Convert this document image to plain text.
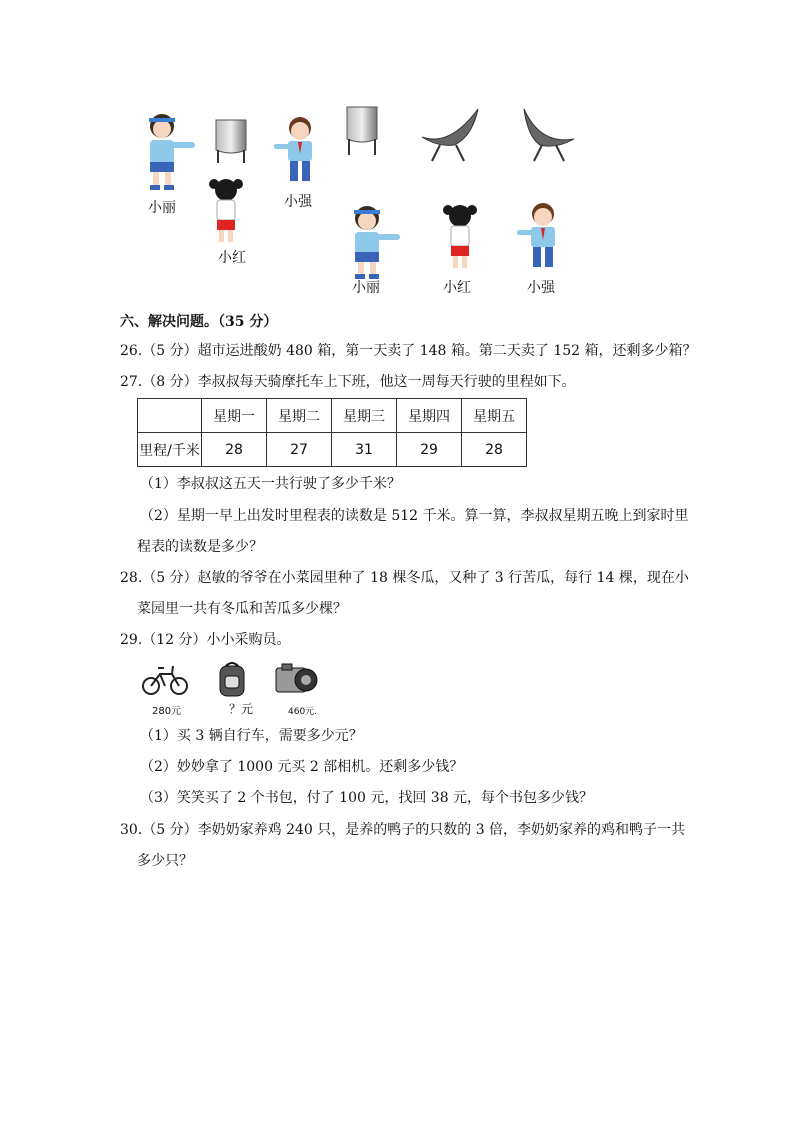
小丽	小强
小红
小丽	小红	小强
六、解决问题。（35 分）
26.（5 分）超市运进酸奶 480 箱，第一天卖了 148 箱。第二天卖了 152 箱，还剩多少箱？
27.（8 分）李叔叔每天骑摩托车上下班，他这一周每天行驶的里程如下。
	星期一	星期二	星期三	星期四	星期五
里程/千米	28	27	31	29	28
（1）李叔叔这五天一共行驶了多少千米？
（2）星期一早上出发时里程表的读数是 512 千米。算一算，李叔叔星期五晚上到家时里
程表的读数是多少？
28.（5 分）赵敏的爷爷在小菜园里种了 18 棵冬瓜，又种了 3 行苦瓜，每行 14 棵，现在小
菜园里一共有冬瓜和苦瓜多少棵？
29.（12 分）小小采购员。
280元	？元	460元.
（1）买 3 辆自行车，需要多少元？
（2）妙妙拿了 1000 元买 2 部相机。还剩多少钱？
（3）笑笑买了 2 个书包，付了 100 元，找回 38 元，每个书包多少钱？
30.（5 分）李奶奶家养鸡 240 只，是养的鸭子的只数的 3 倍，李奶奶家养的鸡和鸭子一共
多少只？
